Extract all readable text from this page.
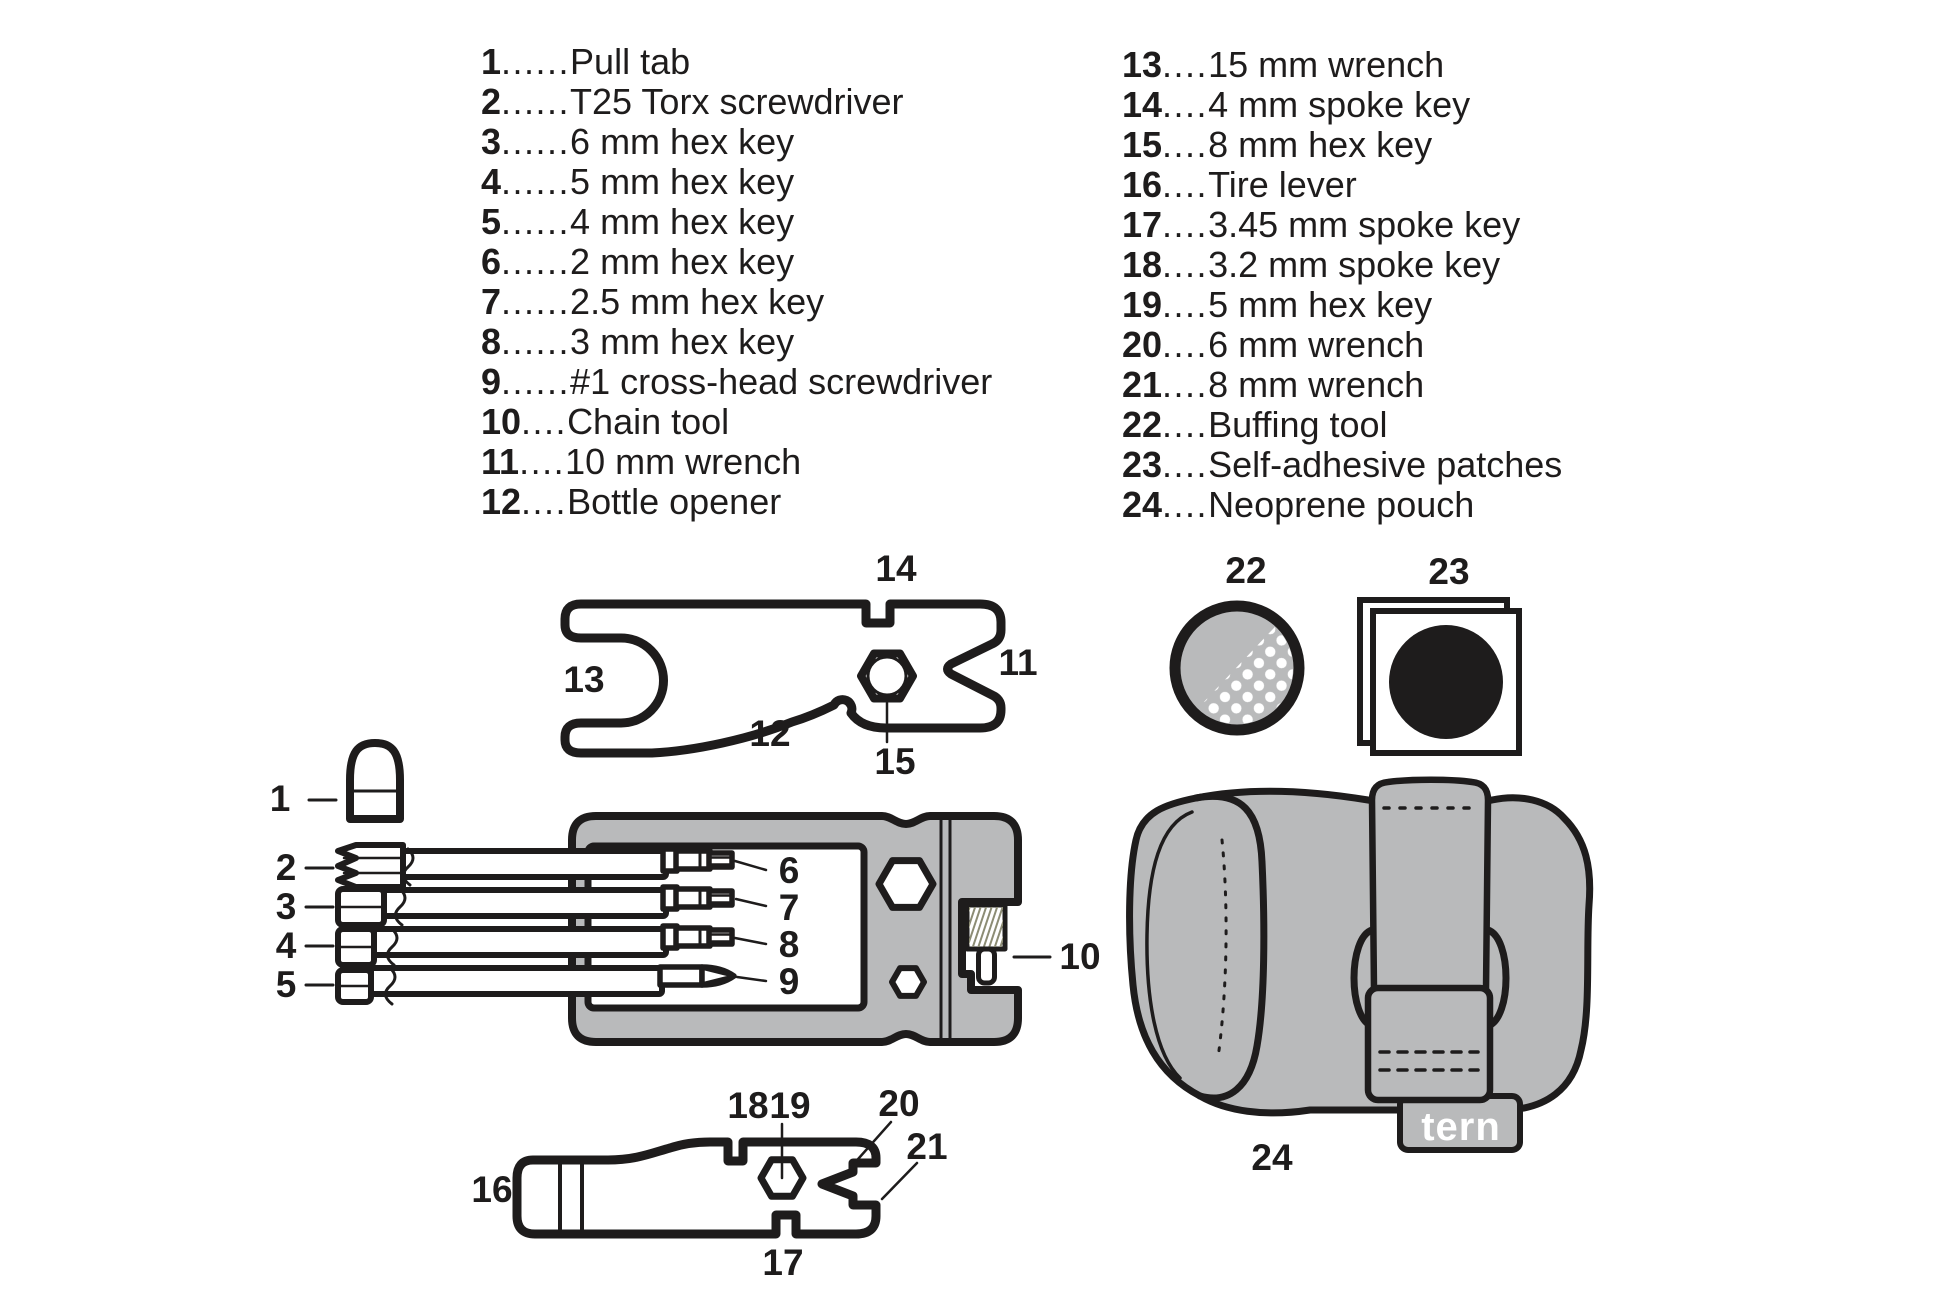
1......Pull tab
2......T25 Torx screwdriver
3......6 mm hex key
4......5 mm hex key
5......4 mm hex key
6......2 mm hex key
7......2.5 mm hex key
8......3 mm hex key
9......#1 cross-head screwdriver
10....Chain tool
11....10 mm wrench
12....Bottle opener
13....15 mm wrench
14....4 mm spoke key
15....8 mm hex key
16....Tire lever
17....3.45 mm spoke key
18....3.2 mm spoke key
19....5 mm hex key
20....6 mm wrench
21....8 mm wrench
22....Buffing tool
23....Self-adhesive patches
24....Neoprene pouch
tern
1
2
3
4
5
6
7
8
9
10
11
12
13
14
15
16
17
18 19 20
21
22	23
24
